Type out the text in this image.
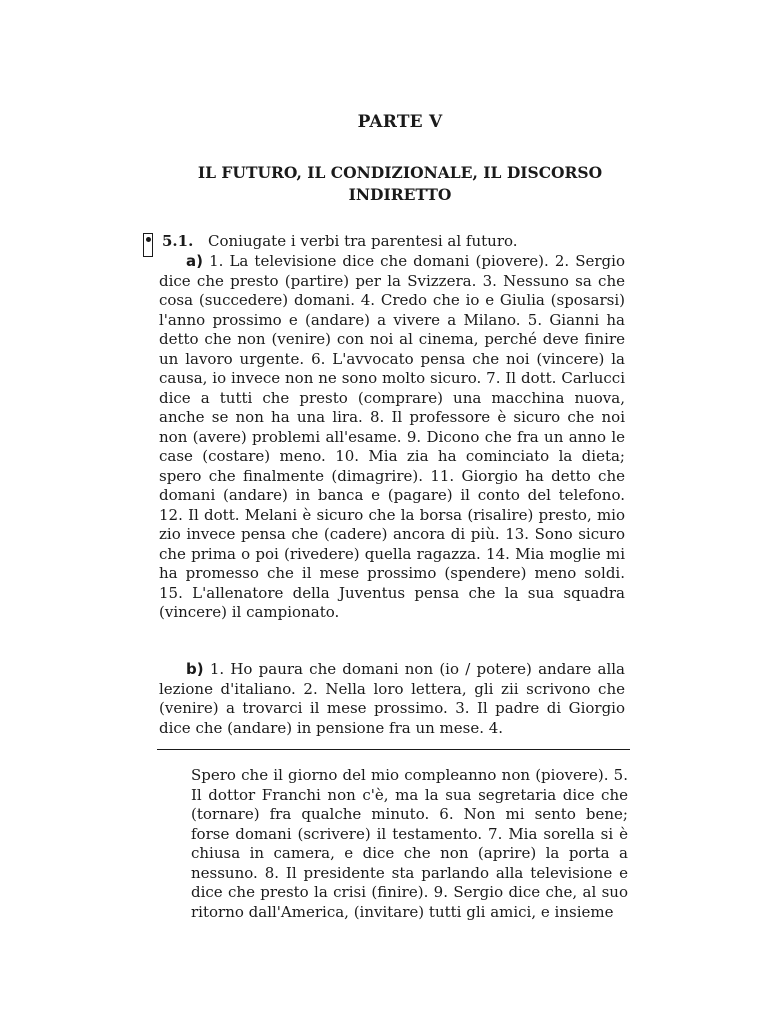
PARTE V
IL FUTURO, IL CONDIZIONALE, IL DISCORSO INDIRETTO
5.1. Coniugate i verbi tra parentesi al futuro.

a) 1. La televisione dice che domani (piovere). 2. Sergio dice che presto (partire) per la Svizzera. 3. Nessuno sa che cosa (succedere) domani. 4. Credo che io e Giulia (sposarsi) l'anno prossimo e (andare) a vivere a Milano. 5. Gianni ha detto che non (venire) con noi al cinema, perché deve finire un lavoro urgente. 6. L'avvocato pensa che noi (vincere) la causa, io invece non ne sono molto sicuro. 7. Il dott. Carlucci dice a tutti che presto (comprare) una macchina nuova, anche se non ha una lira. 8. Il professore è sicuro che noi non (avere) problemi all'esame. 9. Dicono che fra un anno le case (costare) meno. 10. Mia zia ha cominciato la dieta; spero che finalmente (dimagrire). 11. Giorgio ha detto che domani (andare) in banca e (pagare) il conto del telefono. 12. Il dott. Melani è sicuro che la borsa (risalire) presto, mio zio invece pensa che (cadere) ancora di più. 13. Sono sicuro che prima o poi (rivedere) quella ragazza. 14. Mia moglie mi ha promesso che il mese prossimo (spendere) meno soldi. 15. L'allenatore della Juventus pensa che la sua squadra (vincere) il campionato.

b) 1. Ho paura che domani non (io / potere) andare alla lezione d'italiano. 2. Nella loro lettera, gli zii scrivono che (venire) a trovarci il mese prossimo. 3. Il padre di Giorgio dice che (andare) in pensione fra un mese. 4.

Spero che il giorno del mio compleanno non (piovere). 5. Il dottor Franchi non c'è, ma la sua segretaria dice che (tornare) fra qualche minuto. 6. Non mi sento bene; forse domani (scrivere) il testamento. 7. Mia sorella si è chiusa in camera, e dice che non (aprire) la porta a nessuno. 8. Il presidente sta parlando alla televisione e dice che presto la crisi (finire). 9. Sergio dice che, al suo ritorno dall'America, (invitare) tutti gli amici, e insieme
